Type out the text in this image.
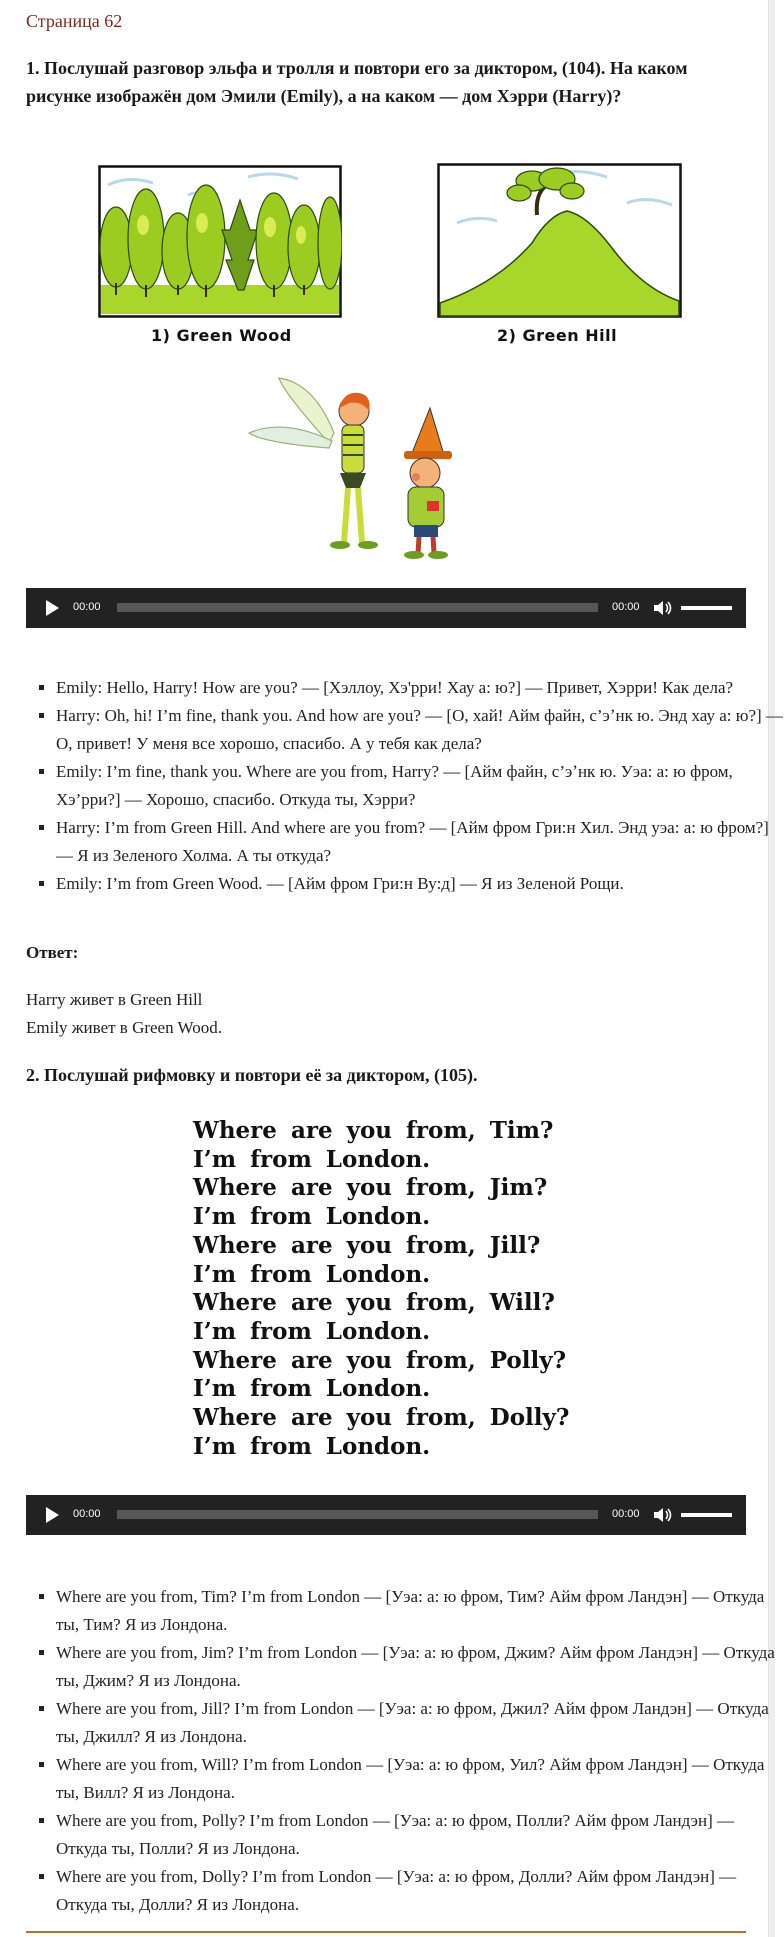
Страница 62
1. Послушай разговор эльфа и тролля и повтори его за диктором, (104). На каком рисунке изображён дом Эмили (Emily), а на каком — дом Хэрри (Harry)?
1) Green Wood	2) Green Hill
00:00	00:00
▪ Emily: Hello, Harry! How are you? — [Хэллоу, Хэ'рри! Хау а: ю?] — Привет, Хэрри! Как дела?
▪ Harry: Oh, hi! I’m fine, thank you. And how are you? — [О, хай! Айм файн, с’эʼнк ю. Энд хау а: ю?] — О, привет! У меня все хорошо, спасибо. А у тебя как дела?
▪ Emily: I’m fine, thank you. Where are you from, Harry? — [Айм файн, с’эʼнк ю. Уэа: а: ю фром, Хэ’рри?] — Хорошо, спасибо. Откуда ты, Хэрри?
▪ Harry: I’m from Green Hill. And where are you from? — [Айм фром Гри:н Хил. Энд уэа: а: ю фром?] — Я из Зеленого Холма. А ты откуда?
▪ Emily: I’m from Green Wood. — [Айм фром Гри:н Ву:д] — Я из Зеленой Рощи.
Ответ:
Harry живет в Green Hill
Emily живет в Green Wood.
2. Послушай рифмовку и повтори её за диктором, (105).
Where are you from, Tim?
I’m from London.
Where are you from, Jim?
I’m from London.
Where are you from, Jill?
I’m from London.
Where are you from, Will?
I’m from London.
Where are you from, Polly?
I’m from London.
Where are you from, Dolly?
I’m from London.
00:00	00:00
▪ Where are you from, Tim? I’m from London — [Уэа: а: ю фром, Тим? Айм фром Ландэн] — Откуда ты, Тим? Я из Лондона.
▪ Where are you from, Jim? I’m from London — [Уэа: а: ю фром, Джим? Айм фром Ландэн] — Откуда ты, Джим? Я из Лондона.
▪ Where are you from, Jill? I’m from London — [Уэа: а: ю фром, Джил? Айм фром Ландэн] — Откуда ты, Джилл? Я из Лондона.
▪ Where are you from, Will? I’m from London — [Уэа: а: ю фром, Уил? Айм фром Ландэн] — Откуда ты, Вилл? Я из Лондона.
▪ Where are you from, Polly? I’m from London — [Уэа: а: ю фром, Полли? Айм фром Ландэн] — Откуда ты, Полли? Я из Лондона.
▪ Where are you from, Dolly? I’m from London — [Уэа: а: ю фром, Долли? Айм фром Ландэн] — Откуда ты, Долли? Я из Лондона.
